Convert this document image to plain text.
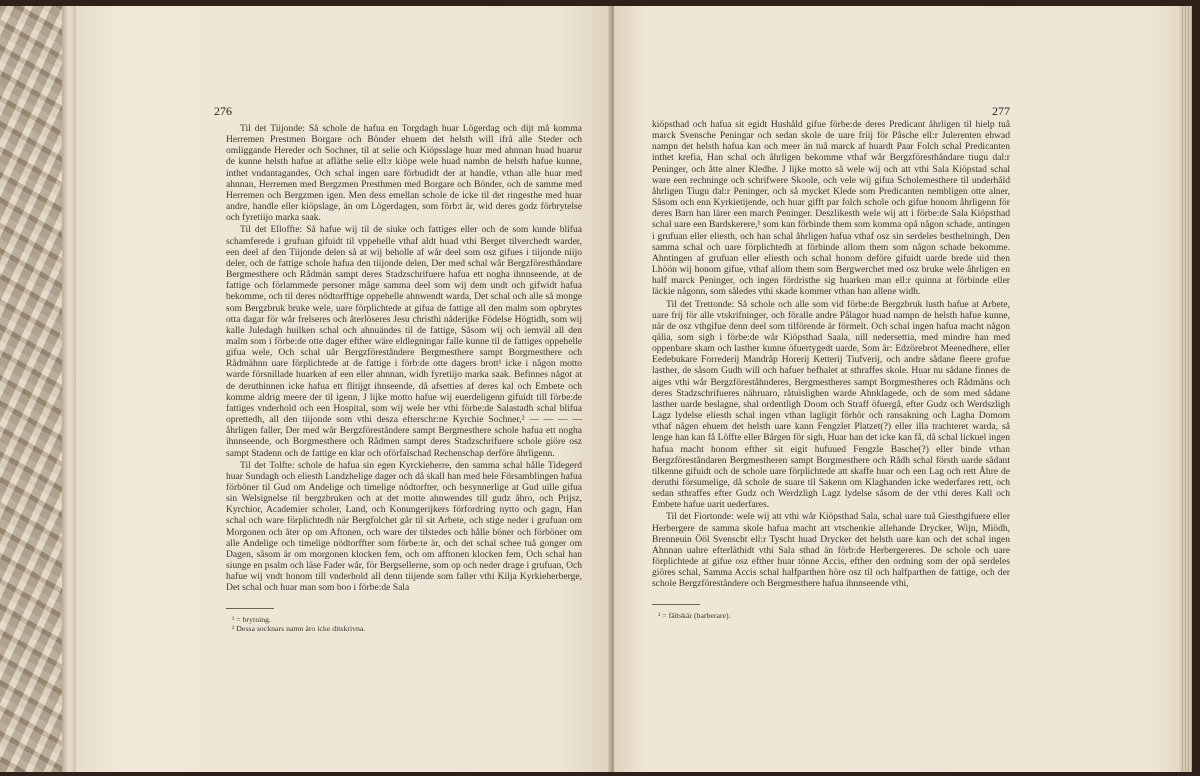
276

Til det Tiijonde: Så schole de hafua en Torgdagh huar Lögerdag och dijt må komma Herremen Prestmen Borgare och Bönder ehuem det helsth will ifrå alle Steder och omliggande Hereder och Sochner, til at selie och Kiöpsslage huar med ahnnan huad huarur de kunne helsth hafue at afläthe selie ell:r kiöpe wele huad nambn de helsth hafue kunne, inthet vndantagandes, Och schal ingen uare förbudidt der at handle, vthan alle huar med ahnnan, Herremen med Bergzmen Presthmen med Borgare och Bönder, och de samme med Herremen och Bergzmen igen. Men dess emellan schole de icke til det ringesthe med huar andre, handle eller kiöpslage, än om Lögerdagen, som förb:t är, wid deres godz förbrytelse och fyretiijo marka saak.

Til det Elloffte: Så hafue wij til de siuke och fattiges eller och de som kunde blifua schamferede i grufuan gifuidt til vppehelle vthaf aldt huad vthi Berget tilverchedt warder, een deel af den Tiijonde delen så at wij beholle af wår deel som osz gifues i tiijonde niijo deler, och de fattige schole hafua den tiijonde delen, Der med schal wår Bergzföresthåndare Bergmesthere och Rådmän sampt deres Stadzschrifuere hafua ett nogha ihnnseende, at de fattige och förlammede personer måge samma deel som wij dem undt och gifwidt hafua bekomme, och til deres nödtorfftige oppehelle ahnwendt warda, Det schal och alle så monge som Bergzbruk bruke wele, uare förplichtede at gifua de fattige all den malm som opbrytes otta dagar för wår frelseres och återlöseres Jesu christhi nåderijke Födelse Högtidh, som wij kalle Juledagh huilken schal och ahnuändes til de fattige, Såsom wij och iemväl all den malm som i förbe:de otte dager efther wäre eldlegningar falle kunne til de fattiges oppehelle gifua wele, Och schal uår Bergzförestândere Bergmesthere sampt Borgmesthere och Rådmähnn uare förplichtede at de fattige i förb:de otte dagers brott¹ icke i någon motto warde försnillade huarken af een eller ahnnan, widh fyretiijo marka saak. Befinnes något at de deruthinnen icke hafua ett flitijgt ihnseende, då afsetties af deres kal och Embete och komme aldrig meere der til igenn, J lijke motto hafue wij euerdeligenn gifuidt till förbe:de fattiges vnderhold och een Hospital, som wij wele her vthi förbe:de Salastadh schal blifua oprettedh, all den tiijonde som vthi desza efterschr:ne Kyrchie Sochner,² — — — — åhrligen faller, Der med wår Bergzföreståndere sampt Bergmesthere schole hafua ett nogha ihnnseende, och Borgmesthere och Rådmen sampt deres Stadzschrifuere schole giöre osz sampt Stadenn och de fattige en klar och oförfalschad Rechenschap derföre åhrligenn.

Til det Tolfte: schole de hafua sin egen Kyrckieherre, den samma schal hålle Tidegerd huar Sundagh och eliesth Landzhelige dager och då skall han med hele Församblingen hafua förböner til Gud om Andelige och timelige nödtorfter, och besynnerlige at Gud uille gifua sin Welsignelse til bergzbruken och at det motte ahnwendes till gudz åhro, och Prijsz, Kyrchior, Academier scholer, Land, och Konungerijkers förfordring nytto och gagn, Han schal och ware förplichtedh när Bergfolchet går til sit Arbete, och stige neder i grufuan om Morgonen och åter op om Aftonen, och ware der tilstedes och hålle böner och förböner om alle Andelige och timelige nödtorffter som förbe:te är, och det schal schee tuå gonger om Dagen, såsom är om morgonen klocken fem, och om afftonen klocken fem, Och schal han siunge en psalm och läse Fader wår, för Bergsellerne, som op och neder drage i grufuan, Och hafue wij vndt honom till vnderhold all denn tiijende som faller vthi Kilja Kyrkieherberge, Det schal och huar man som boo i förbe:de Sala

¹ = brytning.
² Dessa socknars namn äro icke ditskrivna.
277

kiöpsthad och hafua sit egidt Hushåld gifue förbe:de deres Predicant åhrligen til hielp tuå marck Svensche Peningar och sedan skole de uare friij för Påsche ell:r Julerenten ehwad nampn det helsth hafua kan och meer än tuå marck af huardt Paar Folch schal Predicanten inthet krefia, Han schal och åhrligen bekomme vthaf wår Bergzföresthåndare tiugu dal:r Peninger, och åtte alner Kledhe. J lijke motto så wele wij och att vthi Sala Kiöpstad schal ware een rechninge och schrifwere Skoole, och vele wij gifua Scholemesthere til underhåld åhrligen Tiugu dal:r Peninger, och så mycket Klede som Predicanten nembligen otte alner, Såsom och enn Kyrkietijende, och huar gifft par folch schole och gifue honom åhrligenn för deres Barn han lärer een march Peninger. Deszlikesth wele wij att i förbe:de Sala Kiöpsthad schal uare een Bardskerere,¹ som kan förbinde them som komma opå någon schade, antingen i grufuan eller eliesth, och han schal åhrligen hafua vthaf osz sin serdeles besthelningh, Den samma schal och uare förplichtedh at förbinde allom them som någon schade bekomme. Ahntingen af grufuan eller eliesth och schal honom deföre gifuidt uarde brede uid then Lhöön wij honom gifue, vthaf allom them som Bergwerchet med osz bruke wele åhrligen en half marck Peninger, och ingen fördristhe sig huarken man ell:r quinna at förbinde eller läckie någonn, som således vthi skade kommer vthan han allene widh.

Til det Trettonde: Så schole och alle som vid förbe:de Bergzbruk lusth hafue at Arbete, uare frij för alle vtskrifninger, och föralle andre Pålagor huad nampn de helsth hafue kunne, när de osz vthgifue denn deel som tilförende är förmelt. Och schal ingen hafua macht någon qälia, som sigh i förbe:de wår Kiöpsthad Saala, uill nedersettia, med mindre han med oppenbare skam och lasther kunne öfuertygedt uarde, Som är: Edzörebrot Meenedhere, eller Eedebukare Forrederij Mandråp Horerij Ketterij Tiufverij, och andre sådane fleere grofue lasther, de såsom Gudh will och hafuer befhalet at sthraffes skole. Huar nu sådane finnes de aiges vthi wår Bergzföreståhnderes, Bergmestheres sampt Borgmestheres och Rådmäns och deres Stadzschrifueres nähruaro, råtuislighen warde Ahnklagede, och de som med sådane lasther uarde beslagne, shal ordentligh Doom och Straff öfuergå, efter Gudz och Werdszligh Lagz lydelse eliesth schal ingen vthan lagligit förhör och ransakning och Lagha Domom vthaf någen ehuem det helsth uare kann Fengzlet Platzet(?) eller illa trachteret warda, så lenge han kan få Löffte eller Bårgen för sigh, Huar han det icke kan få, då schal lickuel ingen hafua macht honom efther sit eigit hufuued Fengzle Basche(?) eller binde vthan Bergzföreståndaren Bergmestheren sampt Borgmesthere och Rådh schal försth uarde sådant tilkenne gifuidt och de schole uare förplichtede att skaffe huar och een Lag och rett Åhre de deruthi försumelige, då schole de suare til Sakenn om Klaghanden icke wederfares rett, och sedan sthraffes efter Gudz och Werdzligh Lagz lydelse såsom de der vthi deres Kall och Embete hafue uarit uederfares.

Til det Fiortonde: wele wij att vthi wår Kiöpsthad Sala, schal uare tuå Giesthgifuere eller Herbergere de samma skole hafua macht att vtschenkie allehande Drycker, Wijn, Miödh, Brenneuin Ööl Svenscht ell:r Tyscht huad Drycker det helsth uare kan och det schal ingen Ahnnan uahre efterläthidt vthi Sala sthad än förb:de Herbergereres. De schole och uare förplichtede at gifue osz efther huar tönne Accis, efther den ordning som der opå serdeles giöres schal, Samma Accis schal halfparthen höre osz til och halfparthen de fattige, och der schole Bergzföreståndere och Bergmesthere hafua ihnnseende vthi,

¹ = fältskär (barberare).
